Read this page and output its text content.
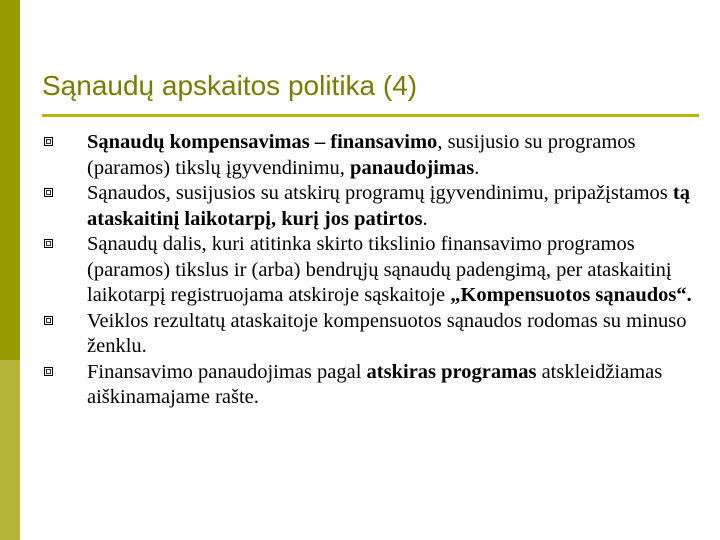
Sąnaudų apskaitos politika (4)
Sąnaudų kompensavimas – finansavimo, susijusio su programos (paramos) tikslų įgyvendinimu, panaudojimas.
Sąnaudos, susijusios su atskirų programų įgyvendinimu, pripažįstamos tą ataskaitinį laikotarpį, kurį jos patirtos.
Sąnaudų dalis, kuri atitinka skirto tikslinio finansavimo programos (paramos) tikslus ir (arba) bendrųjų sąnaudų padengimą, per ataskaitinį laikotarpį registruojama atskiroje sąskaitoje „Kompensuotos sąnaudos“.
Veiklos rezultatų ataskaitoje kompensuotos sąnaudos rodomas su minuso ženklu.
Finansavimo panaudojimas pagal atskiras programas atskleidžiamas aiškinamajame rašte.
